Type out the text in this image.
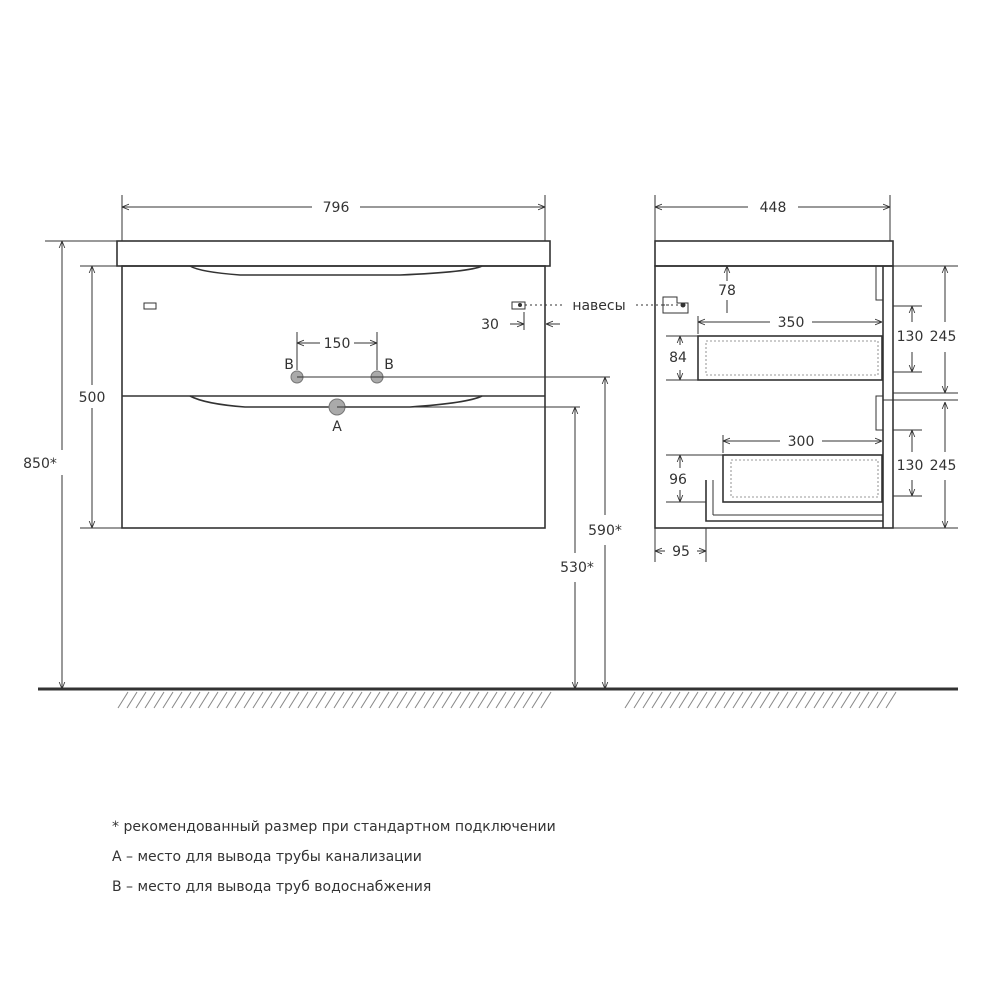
796
850*
500
150
B	B
A
30
590*
530*
навесы
448
78
350
84
130 245
300
96
130 245
95
* рекомендованный размер при стандартном подключении
A – место для вывода трубы канализации
B – место для вывода труб водоснабжения
